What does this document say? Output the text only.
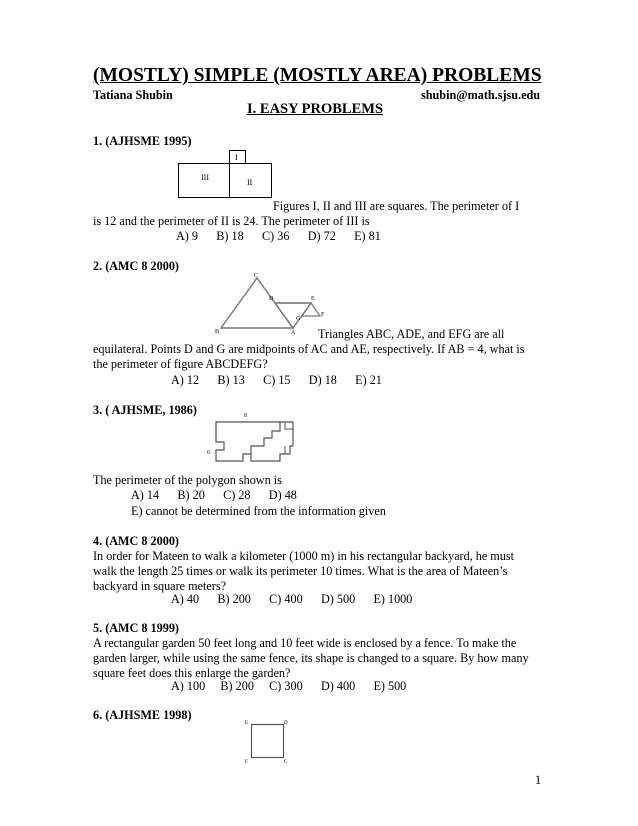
(MOSTLY) SIMPLE (MOSTLY AREA) PROBLEMS
Tatiana Shubin	shubin@math.sjsu.edu
I. EASY PROBLEMS
1. (AJHSME 1995)
I
II
III
Figures I, II and III are squares. The perimeter of I
is 12 and the perimeter of II is 24. The perimeter of III is
A) 9      B) 18      C) 36      D) 72      E) 81
2. (AMC 8 2000)
C
B	A
D	E
G
F
Triangles ABC, ADE, and EFG are all
equilateral. Points D and G are midpoints of AC and AE, respectively. If AB = 4, what is
the perimeter of figure ABCDEFG?
A) 12      B) 13      C) 15      D) 18      E) 21
3. ( AJHSME, 1986)	8
6
The perimeter of the polygon shown is
A) 14      B) 20      C) 28      D) 48
E) cannot be determined from the information given
4. (AMC 8 2000)
In order for Mateen to walk a kilometer (1000 m) in his rectangular backyard, he must
walk the length 25 times or walk its perimeter 10 times. What is the area of Mateen’s
backyard in square meters?
A) 40      B) 200      C) 400      D) 500      E) 1000
5. (AMC 8 1999)
A rectangular garden 50 feet long and 10 feet wide is enclosed by a fence. To make the
garden larger, while using the same fence, its shape is changed to a square. By how many
square feet does this enlarge the garden?
A) 100     B) 200     C) 300      D) 400      E) 500
6. (AJHSME 1998)
E	D
F	C
1
